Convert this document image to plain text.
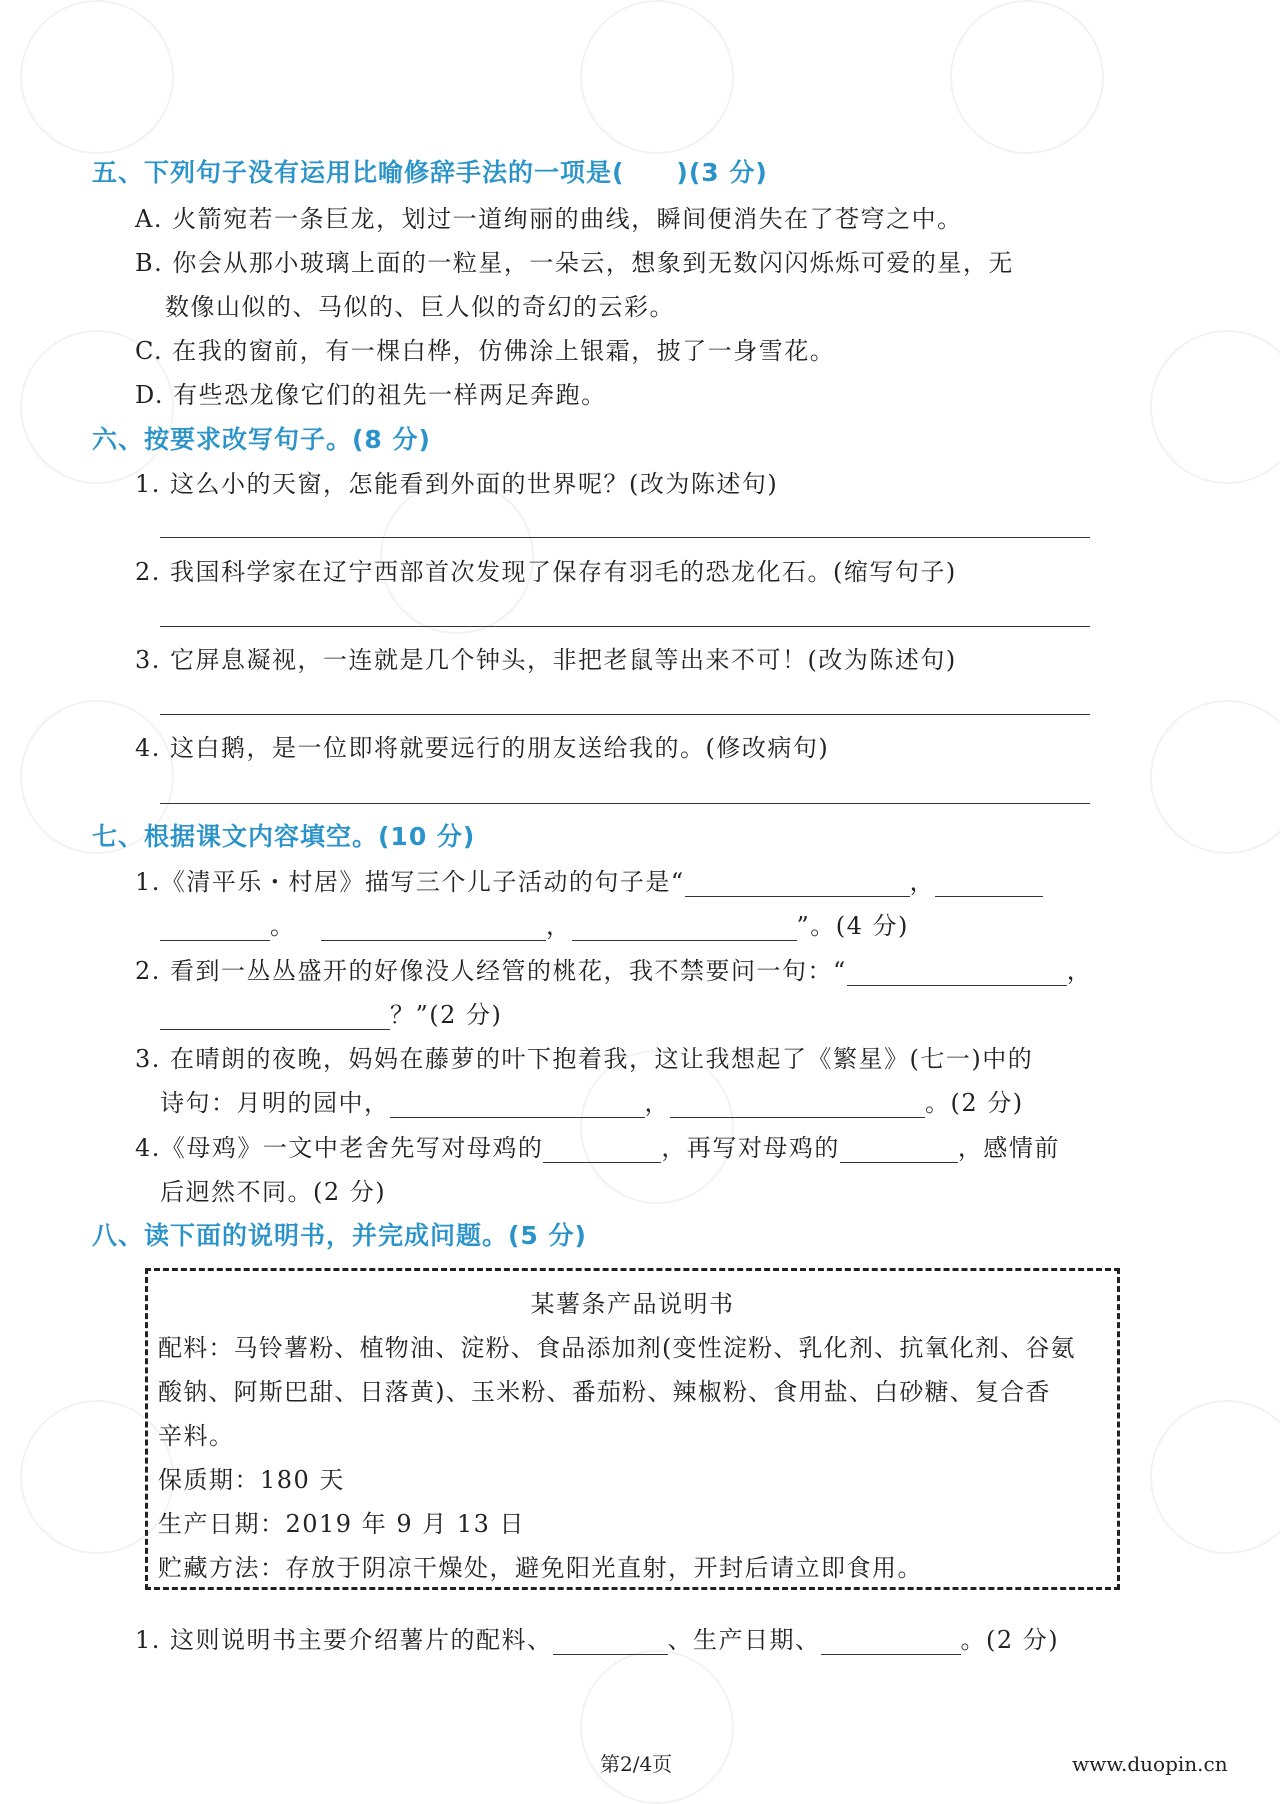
五、下列句子没有运用比喻修辞手法的一项是(　　)(3 分)
A. 火箭宛若一条巨龙，划过一道绚丽的曲线，瞬间便消失在了苍穹之中。
B. 你会从那小玻璃上面的一粒星，一朵云，想象到无数闪闪烁烁可爱的星，无
数像山似的、马似的、巨人似的奇幻的云彩。
C. 在我的窗前，有一棵白桦，仿佛涂上银霜，披了一身雪花。
D. 有些恐龙像它们的祖先一样两足奔跑。
六、按要求改写句子。(8 分)
1. 这么小的天窗，怎能看到外面的世界呢？(改为陈述句)
2. 我国科学家在辽宁西部首次发现了保存有羽毛的恐龙化石。(缩写句子)
3. 它屏息凝视，一连就是几个钟头，非把老鼠等出来不可！(改为陈述句)
4. 这白鹅，是一位即将就要远行的朋友送给我的。(修改病句)
七、根据课文内容填空。(10 分)
1.《清平乐・村居》描写三个儿子活动的句子是“	，
。 	，	”。(4 分)
2. 看到一丛丛盛开的好像没人经管的桃花，我不禁要问一句：“	，
？”(2 分)
3. 在晴朗的夜晚，妈妈在藤萝的叶下抱着我，这让我想起了《繁星》(七一)中的
诗句：月明的园中，	，	。(2 分)
4.《母鸡》一文中老舍先写对母鸡的	，再写对母鸡的	，感情前
后迥然不同。(2 分)
八、读下面的说明书，并完成问题。(5 分)
某薯条产品说明书
配料：马铃薯粉、植物油、淀粉、食品添加剂(变性淀粉、乳化剂、抗氧化剂、谷氨
酸钠、阿斯巴甜、日落黄)、玉米粉、番茄粉、辣椒粉、食用盐、白砂糖、复合香
辛料。
保质期：180 天
生产日期：2019 年 9 月 13 日
贮藏方法：存放于阴凉干燥处，避免阳光直射，开封后请立即食用。
1. 这则说明书主要介绍薯片的配料、	、生产日期、	。(2 分)
第2/4页	www.duopin.cn
